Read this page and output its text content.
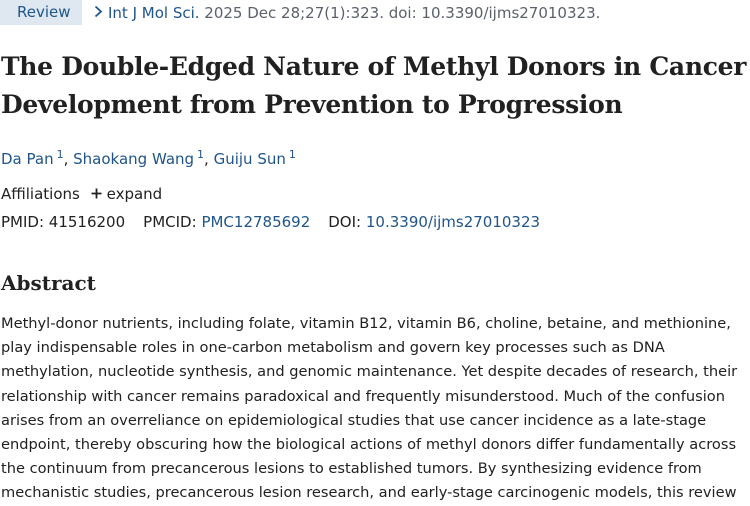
Review	Int J Mol Sci. 2025 Dec 28;27(1):323. doi: 10.3390/ijms27010323.
The Double-Edged Nature of Methyl Donors in Cancer Development from Prevention to Progression
Da Pan $^1$, Shaokang Wang $^1$, Guiju Sun $^1$
Affiliations expand
PMID: 41516200 PMCID: PMC12785692 DOI: 10.3390/ijms27010323
Abstract

Methyl-donor nutrients, including folate, vitamin B12, vitamin B6, choline, betaine, and methionine, play indispensable roles in one-carbon metabolism and govern key processes such as DNA methylation, nucleotide synthesis, and genomic maintenance. Yet despite decades of research, their relationship with cancer remains paradoxical and frequently misunderstood. Much of the confusion arises from an overreliance on epidemiological studies that use cancer incidence as a late-stage endpoint, thereby obscuring how the biological actions of methyl donors differ fundamentally across the continuum from precancerous lesions to established tumors. By synthesizing evidence from mechanistic studies, precancerous lesion research, and early-stage carcinogenic models, this review
